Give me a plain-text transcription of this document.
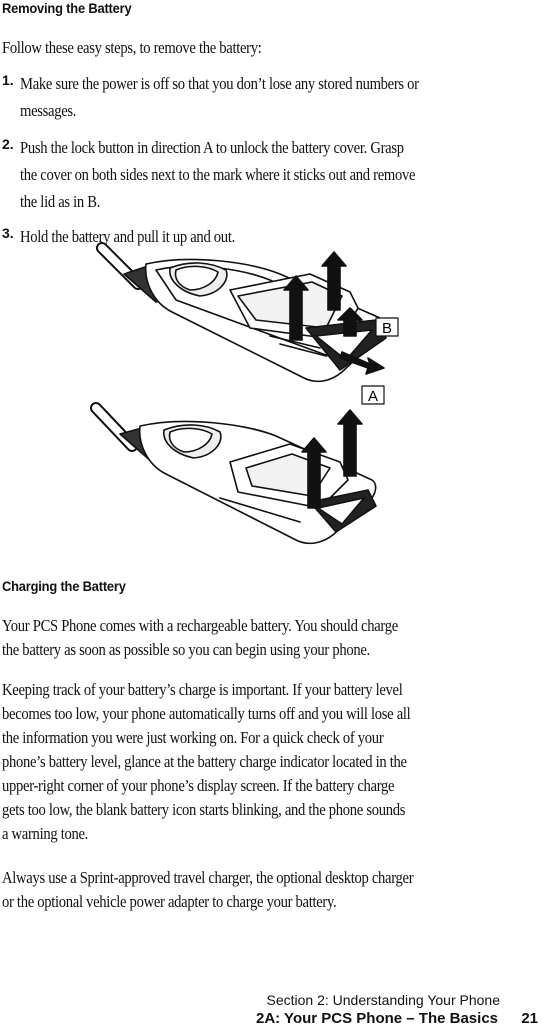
Removing the Battery
Follow these easy steps, to remove the battery:
1. Make sure the power is off so that you don’t lose any stored numbers or
messages.
2. Push the lock button in direction A to unlock the battery cover. Grasp
the cover on both sides next to the mark where it sticks out and remove
the lid as in B.
3. Hold the battery and pull it up and out.
B
A
Charging the Battery
Your PCS Phone comes with a rechargeable battery. You should charge
the battery as soon as possible so you can begin using your phone.
Keeping track of your battery’s charge is important. If your battery level
becomes too low, your phone automatically turns off and you will lose all
the information you were just working on. For a quick check of your
phone’s battery level, glance at the battery charge indicator located in the
upper-right corner of your phone’s display screen. If the battery charge
gets too low, the blank battery icon starts blinking, and the phone sounds
a warning tone.
Always use a Sprint-approved travel charger, the optional desktop charger
or the optional vehicle power adapter to charge your battery.
Section 2: Understanding Your Phone
2A: Your PCS Phone – The Basics 21
